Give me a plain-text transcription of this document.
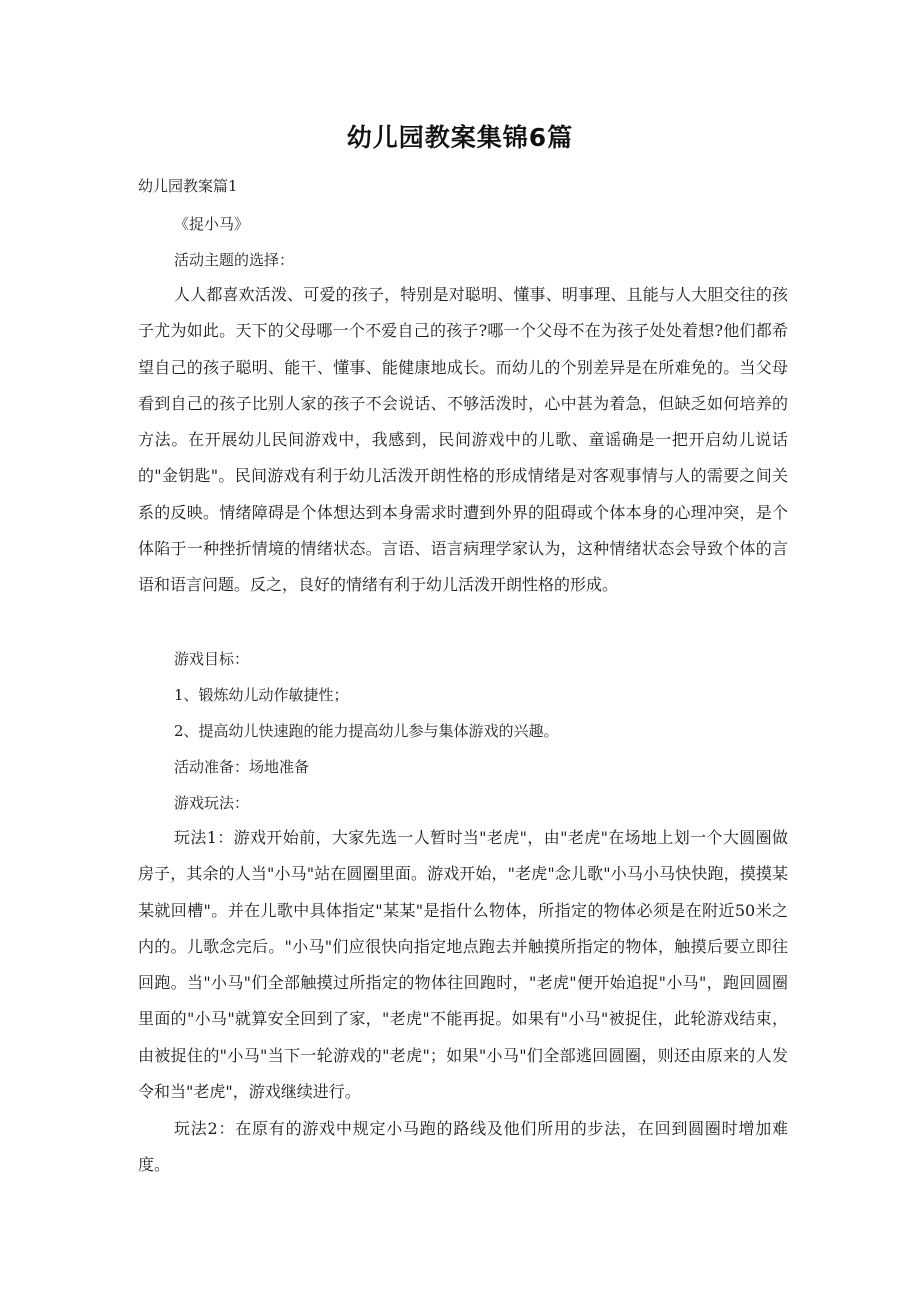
幼儿园教案集锦6篇
幼儿园教案篇1
《捉小马》
活动主题的选择：

人人都喜欢活泼、可爱的孩子，特别是对聪明、懂事、明事理、且能与人大胆交往的孩子尤为如此。天下的父母哪一个不爱自己的孩子?哪一个父母不在为孩子处处着想?他们都希望自己的孩子聪明、能干、懂事、能健康地成长。而幼儿的个别差异是在所难免的。当父母看到自己的孩子比别人家的孩子不会说话、不够活泼时，心中甚为着急，但缺乏如何培养的方法。在开展幼儿民间游戏中，我感到，民间游戏中的儿歌、童谣确是一把开启幼儿说话的"金钥匙"。民间游戏有利于幼儿活泼开朗性格的形成情绪是对客观事情与人的需要之间关系的反映。情绪障碍是个体想达到本身需求时遭到外界的阻碍或个体本身的心理冲突，是个体陷于一种挫折情境的情绪状态。言语、语言病理学家认为，这种情绪状态会导致个体的言语和语言问题。反之，良好的情绪有利于幼儿活泼开朗性格的形成。

游戏目标：
1、锻炼幼儿动作敏捷性；
2、提高幼儿快速跑的能力提高幼儿参与集体游戏的兴趣。
活动准备：场地准备
游戏玩法：

玩法1：游戏开始前，大家先选一人暂时当"老虎"，由"老虎"在场地上划一个大圆圈做房子，其余的人当"小马"站在圆圈里面。游戏开始，"老虎"念儿歌"小马小马快快跑，摸摸某某就回槽"。并在儿歌中具体指定"某某"是指什么物体，所指定的物体必须是在附近50米之内的。儿歌念完后。"小马"们应很快向指定地点跑去并触摸所指定的物体，触摸后要立即往回跑。当"小马"们全部触摸过所指定的物体往回跑时，"老虎"便开始追捉"小马"，跑回圆圈里面的"小马"就算安全回到了家，"老虎"不能再捉。如果有"小马"被捉住，此轮游戏结束，由被捉住的"小马"当下一轮游戏的"老虎"；如果"小马"们全部逃回圆圈，则还由原来的人发令和当"老虎"，游戏继续进行。

玩法2：在原有的游戏中规定小马跑的路线及他们所用的步法，在回到圆圈时增加难度。
